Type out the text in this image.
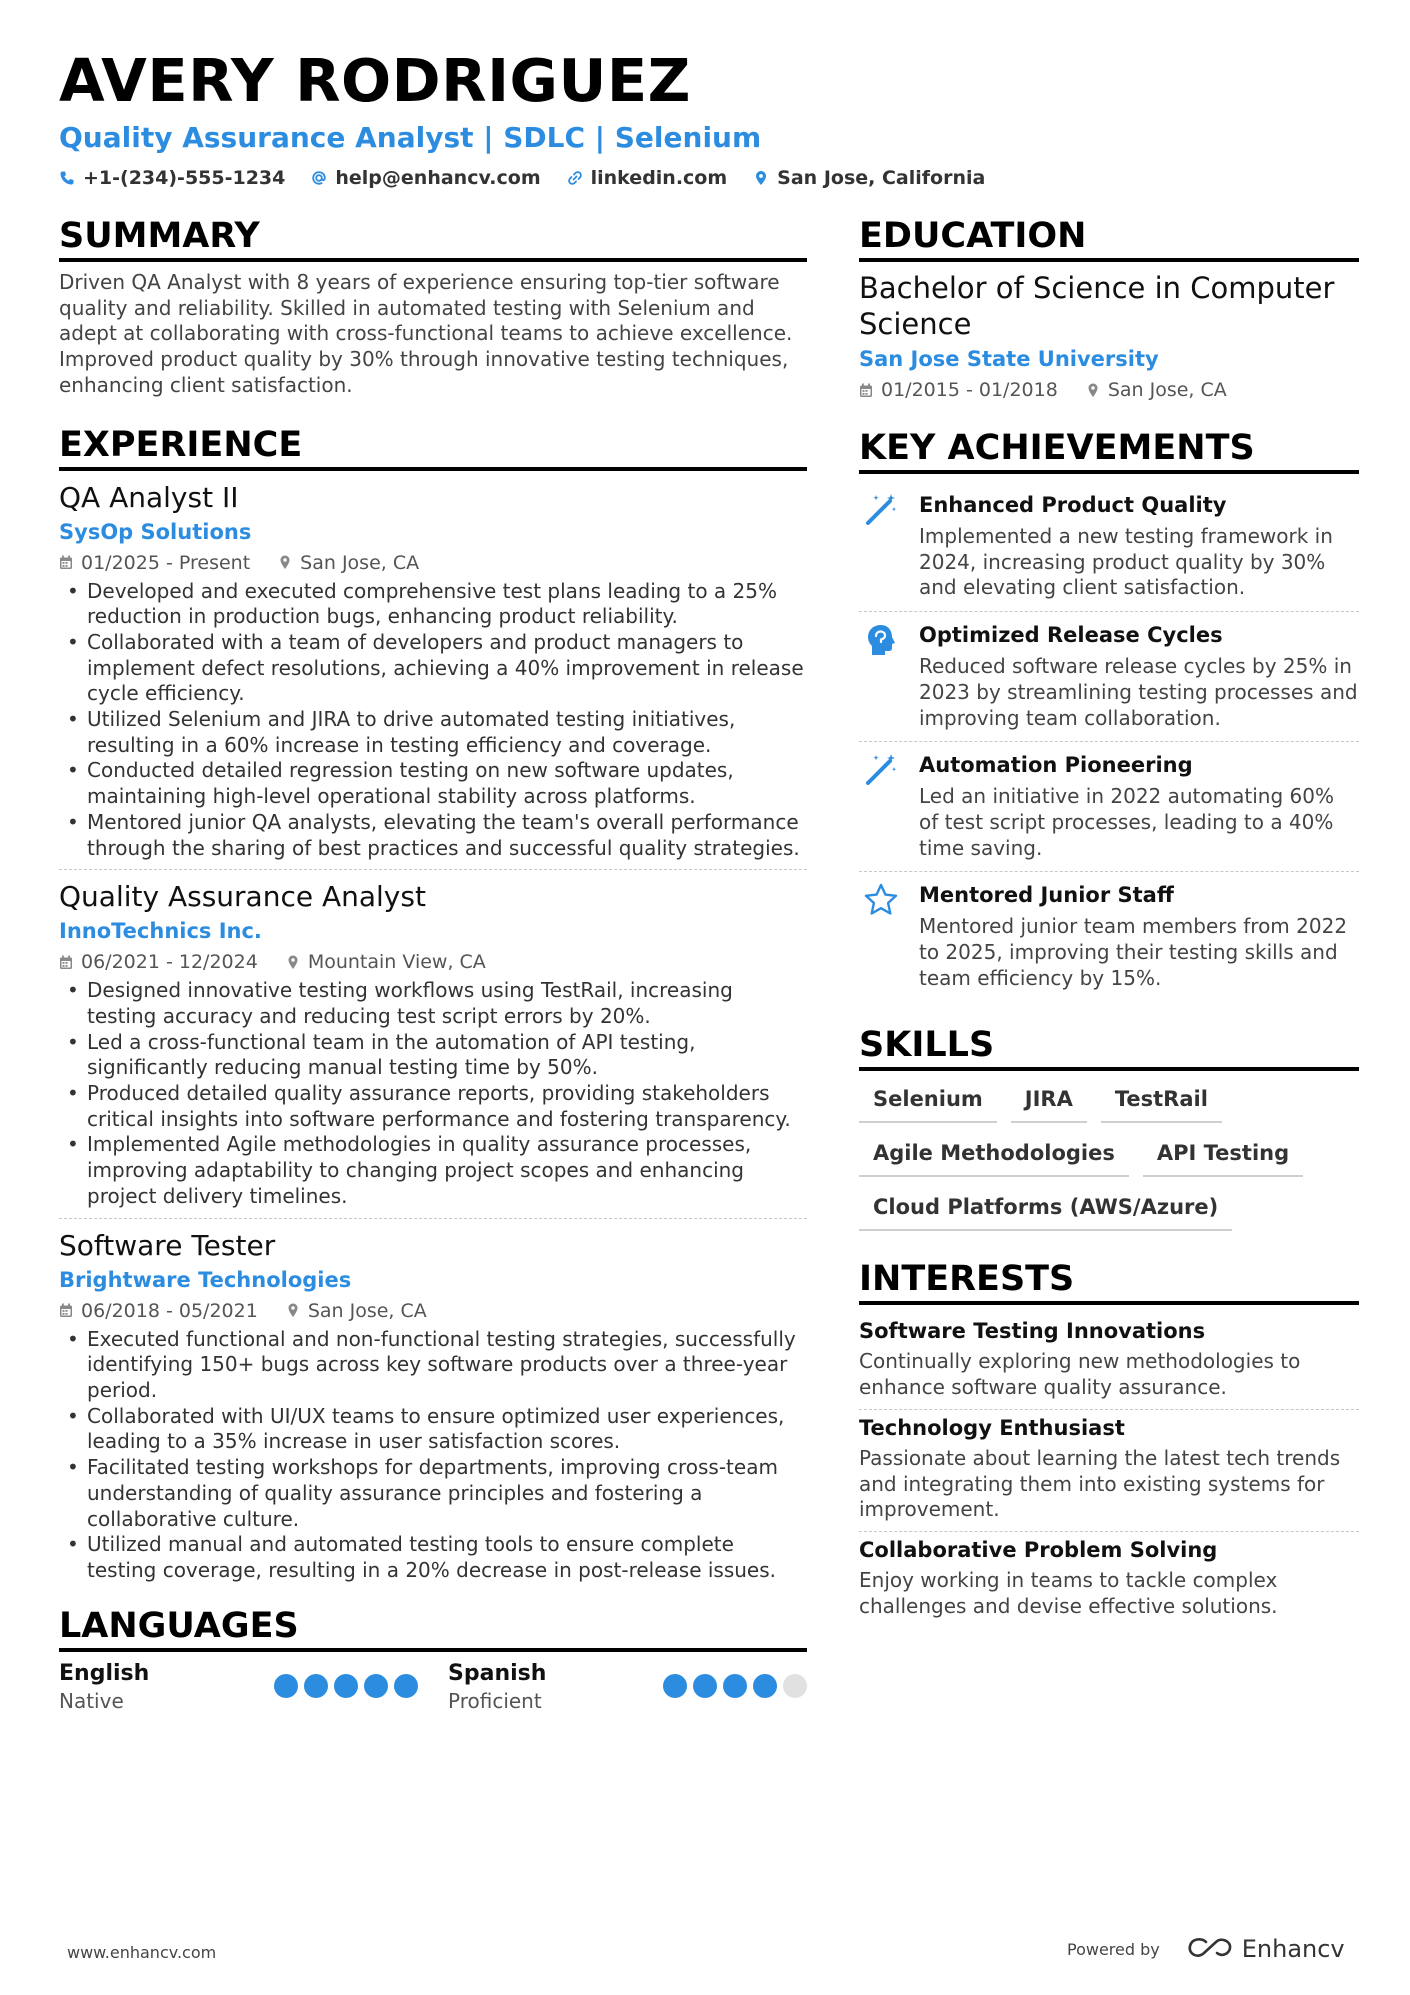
AVERY RODRIGUEZ
Quality Assurance Analyst | SDLC | Selenium
+1-(234)-555-1234	help@enhancv.com	linkedin.com	San Jose, California
SUMMARY
Driven QA Analyst with 8 years of experience ensuring top-tier software quality and reliability. Skilled in automated testing with Selenium and adept at collaborating with cross-functional teams to achieve excellence. Improved product quality by 30% through innovative testing techniques, enhancing client satisfaction.
EXPERIENCE
QA Analyst II
SysOp Solutions
01/2025 - Present	San Jose, CA
• Developed and executed comprehensive test plans leading to a 25% reduction in production bugs, enhancing product reliability.
• Collaborated with a team of developers and product managers to implement defect resolutions, achieving a 40% improvement in release cycle efficiency.
• Utilized Selenium and JIRA to drive automated testing initiatives, resulting in a 60% increase in testing efficiency and coverage.
• Conducted detailed regression testing on new software updates, maintaining high-level operational stability across platforms.
• Mentored junior QA analysts, elevating the team's overall performance through the sharing of best practices and successful quality strategies.
Quality Assurance Analyst
InnoTechnics Inc.
06/2021 - 12/2024	Mountain View, CA
• Designed innovative testing workflows using TestRail, increasing testing accuracy and reducing test script errors by 20%.
• Led a cross-functional team in the automation of API testing, significantly reducing manual testing time by 50%.
• Produced detailed quality assurance reports, providing stakeholders critical insights into software performance and fostering transparency.
• Implemented Agile methodologies in quality assurance processes, improving adaptability to changing project scopes and enhancing project delivery timelines.
Software Tester
Brightware Technologies
06/2018 - 05/2021	San Jose, CA
• Executed functional and non-functional testing strategies, successfully identifying 150+ bugs across key software products over a three-year period.
• Collaborated with UI/UX teams to ensure optimized user experiences, leading to a 35% increase in user satisfaction scores.
• Facilitated testing workshops for departments, improving cross-team understanding of quality assurance principles and fostering a collaborative culture.
• Utilized manual and automated testing tools to ensure complete testing coverage, resulting in a 20% decrease in post-release issues.
LANGUAGES
English
Native
Spanish
Proficient
EDUCATION
Bachelor of Science in Computer Science
San Jose State University
01/2015 - 01/2018	San Jose, CA
KEY ACHIEVEMENTS
Enhanced Product Quality
Implemented a new testing framework in 2024, increasing product quality by 30% and elevating client satisfaction.
Optimized Release Cycles
Reduced software release cycles by 25% in 2023 by streamlining testing processes and improving team collaboration.
Automation Pioneering
Led an initiative in 2022 automating 60% of test script processes, leading to a 40% time saving.
Mentored Junior Staff
Mentored junior team members from 2022 to 2025, improving their testing skills and team efficiency by 15%.
SKILLS
Selenium	JIRA	TestRail
Agile Methodologies	API Testing
Cloud Platforms (AWS/Azure)
INTERESTS
Software Testing Innovations
Continually exploring new methodologies to enhance software quality assurance.
Technology Enthusiast
Passionate about learning the latest tech trends and integrating them into existing systems for improvement.
Collaborative Problem Solving
Enjoy working in teams to tackle complex challenges and devise effective solutions.
www.enhancv.com	Powered by	Enhancv
